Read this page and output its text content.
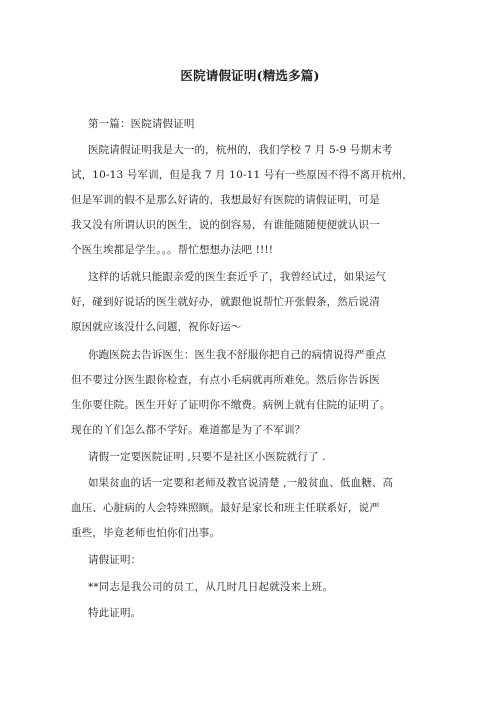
医院请假证明(精选多篇)
第一篇：医院请假证明
医院请假证明我是大一的，杭州的，我们学校 7 月 5-9 号期末考
试，10-13 号军训，但是我 7 月 10-11 号有一些原因不得不离开杭州，
但是军训的假不是那么好请的，我想最好有医院的请假证明，可是
我又没有所谓认识的医生，说的倒容易，有谁能随随便便就认识一
个医生埃都是学生。。。帮忙想想办法吧 !!!!
这样的话就只能跟亲爱的医生套近乎了，我曾经试过，如果运气
好，碰到好说话的医生就好办，就跟他说帮忙开张假条，然后说清
原因就应该没什么问题，祝你好运～
你跑医院去告诉医生：医生我不舒服你把自己的病情说得严重点
但不要过分医生跟你检查，有点小毛病就再所难免。然后你告诉医
生你要住院。医生开好了证明你不缴费。病例上就有住院的证明了。
现在的丫们怎么都不学好。难道都是为了不军训？
请假一定要医院证明 ,只要不是社区小医院就行了 .
如果贫血的话一定要和老师及教官说清楚 ,一般贫血、低血糖、高
血压、心脏病的人会特殊照顾。最好是家长和班主任联系好，说严
重些，毕竟老师也怕你们出事。
请假证明：
**同志是我公司的员工，从几时几日起就没来上班。
特此证明。
